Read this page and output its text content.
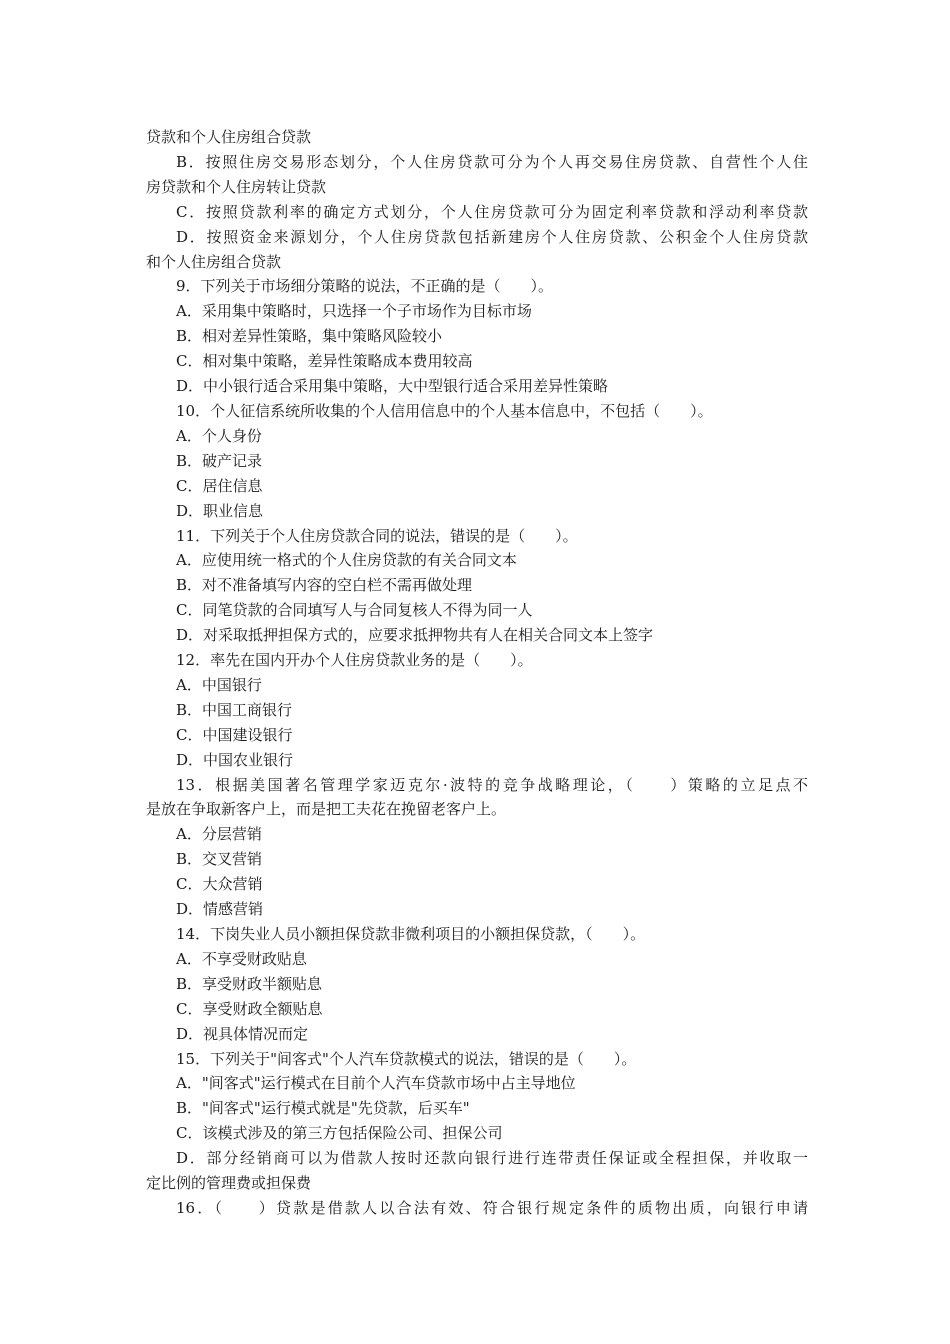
贷款和个人住房组合贷款
B．按照住房交易形态划分，个人住房贷款可分为个人再交易住房贷款、自营性个人住
房贷款和个人住房转让贷款
C．按照贷款利率的确定方式划分，个人住房贷款可分为固定利率贷款和浮动利率贷款
D．按照资金来源划分，个人住房贷款包括新建房个人住房贷款、公积金个人住房贷款
和个人住房组合贷款
9．下列关于市场细分策略的说法，不正确的是（　　）。
A．采用集中策略时，只选择一个子市场作为目标市场
B．相对差异性策略，集中策略风险较小
C．相对集中策略，差异性策略成本费用较高
D．中小银行适合采用集中策略，大中型银行适合采用差异性策略
10．个人征信系统所收集的个人信用信息中的个人基本信息中，不包括（　　）。
A．个人身份
B．破产记录
C．居住信息
D．职业信息
11．下列关于个人住房贷款合同的说法，错误的是（　　）。
A．应使用统一格式的个人住房贷款的有关合同文本
B．对不准备填写内容的空白栏不需再做处理
C．同笔贷款的合同填写人与合同复核人不得为同一人
D．对采取抵押担保方式的，应要求抵押物共有人在相关合同文本上签字
12．率先在国内开办个人住房贷款业务的是（　　）。
A．中国银行
B．中国工商银行
C．中国建设银行
D．中国农业银行
13．根据美国著名管理学家迈克尔·波特的竞争战略理论，（　　）策略的立足点不
是放在争取新客户上，而是把工夫花在挽留老客户上。
A．分层营销
B．交叉营销
C．大众营销
D．情感营销
14．下岗失业人员小额担保贷款非微利项目的小额担保贷款，（　　）。
A．不享受财政贴息
B．享受财政半额贴息
C．享受财政全额贴息
D．视具体情况而定
15．下列关于"间客式"个人汽车贷款模式的说法，错误的是（　　）。
A．"间客式"运行模式在目前个人汽车贷款市场中占主导地位
B．"间客式"运行模式就是"先贷款，后买车"
C．该模式涉及的第三方包括保险公司、担保公司
D．部分经销商可以为借款人按时还款向银行进行连带责任保证或全程担保，并收取一
定比例的管理费或担保费
16．（　　）贷款是借款人以合法有效、符合银行规定条件的质物出质，向银行申请
